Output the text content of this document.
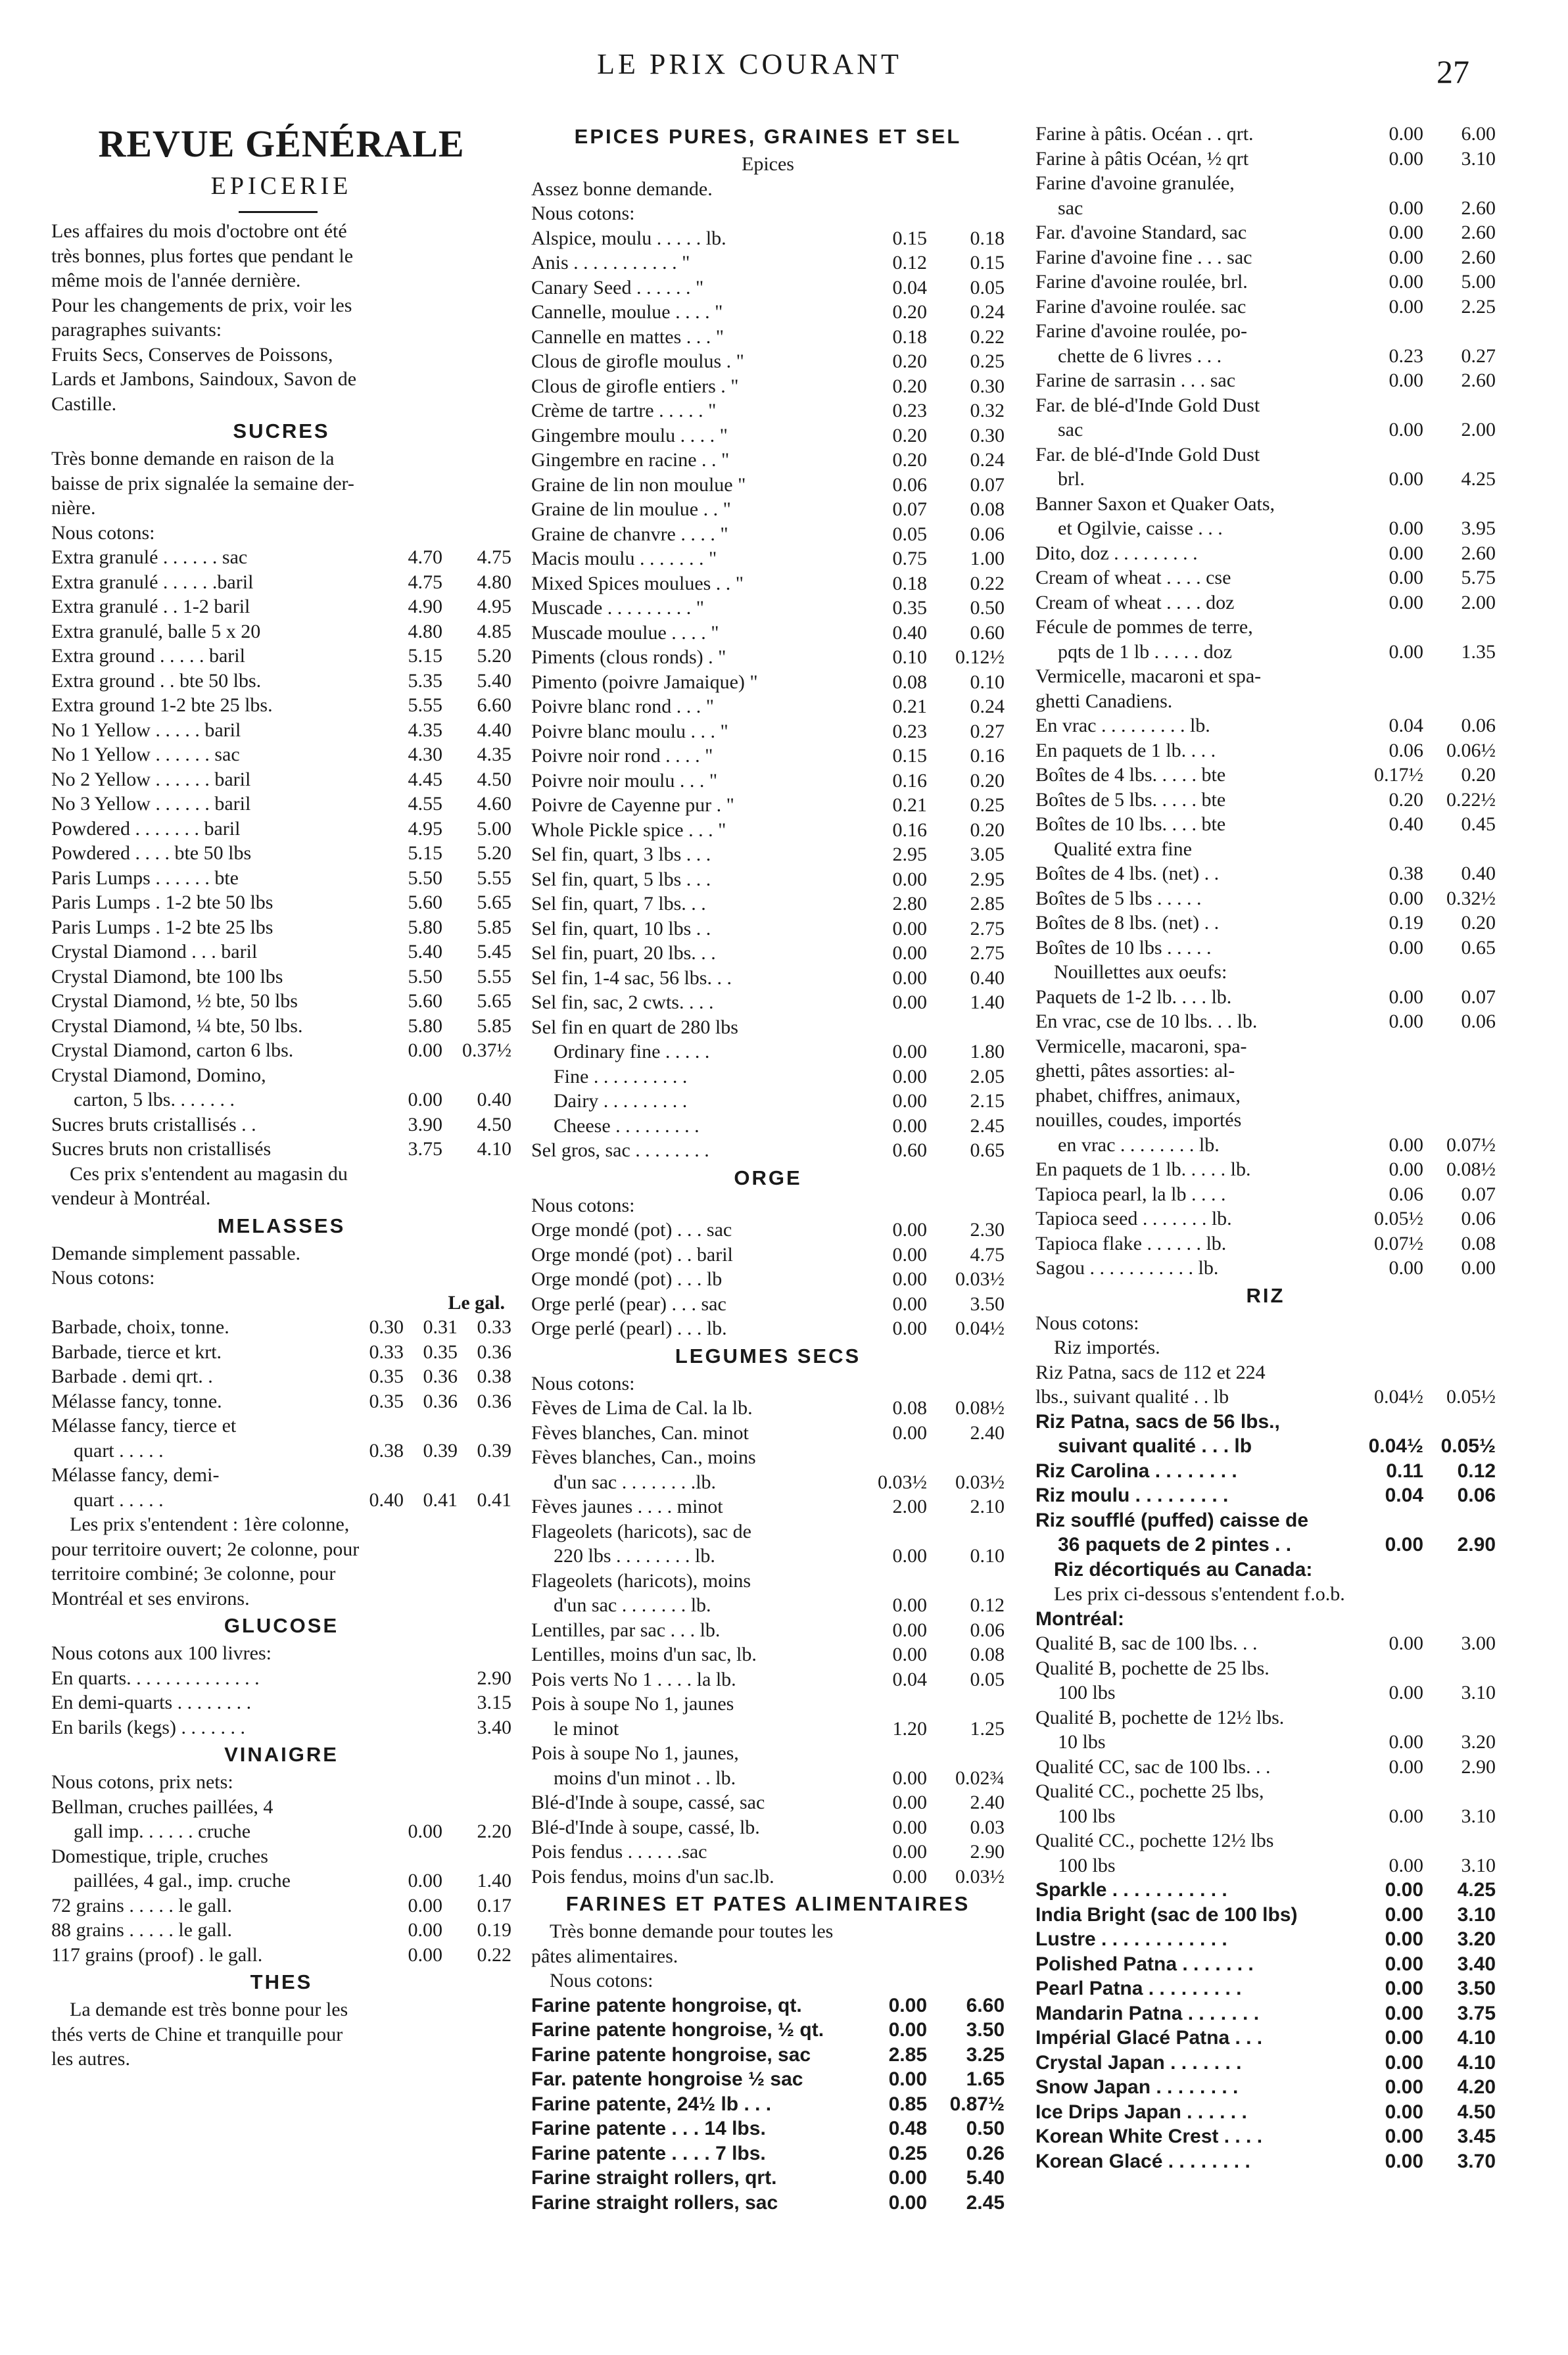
LE PRIX COURANT	27
REVUE GÉNÉRALE
EPICERIE
Les affaires du mois d'octobre ont été
très bonnes, plus fortes que pendant le
même mois de l'année dernière.
Pour les changements de prix, voir les
paragraphes suivants:
Fruits Secs, Conserves de Poissons,
Lards et Jambons, Saindoux, Savon de
Castille.
SUCRES
Très bonne demande en raison de la
baisse de prix signalée la semaine der-
nière.
Nous cotons:
Extra granulé . . . . . . sac	4.70	4.75
Extra granulé . . . . . .baril	4.75	4.80
Extra granulé . . 1-2 baril	4.90	4.95
Extra granulé, balle 5 x 20	4.80	4.85
Extra ground . . . . . baril	5.15	5.20
Extra ground . . bte 50 lbs.	5.35	5.40
Extra ground 1-2 bte 25 lbs.	5.55	6.60
No 1 Yellow . . . . . baril	4.35	4.40
No 1 Yellow . . . . . . sac	4.30	4.35
No 2 Yellow . . . . . . baril	4.45	4.50
No 3 Yellow . . . . . . baril	4.55	4.60
Powdered . . . . . . . baril	4.95	5.00
Powdered . . . . bte 50 lbs	5.15	5.20
Paris Lumps . . . . . . bte	5.50	5.55
Paris Lumps . 1-2 bte 50 lbs	5.60	5.65
Paris Lumps . 1-2 bte 25 lbs	5.80	5.85
Crystal Diamond . . . baril	5.40	5.45
Crystal Diamond, bte 100 lbs	5.50	5.55
Crystal Diamond, ½ bte, 50 lbs	5.60	5.65
Crystal Diamond, ¼ bte, 50 lbs.	5.80	5.85
Crystal Diamond, carton 6 lbs.	0.00	0.37½
Crystal Diamond, Domino,
carton, 5 lbs. . . . . . .	0.00	0.40
Sucres bruts cristallisés . .	3.90	4.50
Sucres bruts non cristallisés	3.75	4.10
Ces prix s'entendent au magasin du
vendeur à Montréal.
MELASSES
Demande simplement passable.
Nous cotons:
Le gal.
Barbade, choix, tonne.	0.30 0.31 0.33
Barbade, tierce et krt.	0.33 0.35 0.36
Barbade . demi qrt. .	0.35 0.36 0.38
Mélasse fancy, tonne.	0.35 0.36 0.36
Mélasse fancy, tierce et
quart . . . . .	0.38 0.39 0.39
Mélasse fancy, demi-
quart . . . . .	0.40 0.41 0.41
Les prix s'entendent : 1ère colonne,
pour territoire ouvert; 2e colonne, pour
territoire combiné; 3e colonne, pour
Montréal et ses environs.
GLUCOSE
Nous cotons aux 100 livres:
En quarts. . . . . . . . . . . . . .	2.90
En demi-quarts . . . . . . . .	3.15
En barils (kegs) . . . . . . .	3.40
VINAIGRE
Nous cotons, prix nets:
Bellman, cruches paillées, 4
gall imp. . . . . . cruche	0.00	2.20
Domestique, triple, cruches
paillées, 4 gal., imp. cruche	0.00	1.40
72 grains . . . . . le gall.	0.00	0.17
88 grains . . . . . le gall.	0.00	0.19
117 grains (proof) . le gall.	0.00	0.22
THES
La demande est très bonne pour les
thés verts de Chine et tranquille pour
les autres.
EPICES PURES, GRAINES ET SEL
Epices
Assez bonne demande.
Nous cotons:
Alspice, moulu . . . . . lb.	0.15	0.18
Anis . . . . . . . . . . . "	0.12	0.15
Canary Seed . . . . . . "	0.04	0.05
Cannelle, moulue . . . . "	0.20	0.24
Cannelle en mattes . . . "	0.18	0.22
Clous de girofle moulus . "	0.20	0.25
Clous de girofle entiers . "	0.20	0.30
Crème de tartre . . . . . "	0.23	0.32
Gingembre moulu . . . . "	0.20	0.30
Gingembre en racine . . "	0.20	0.24
Graine de lin non moulue "	0.06	0.07
Graine de lin moulue . . "	0.07	0.08
Graine de chanvre . . . . "	0.05	0.06
Macis moulu . . . . . . . "	0.75	1.00
Mixed Spices moulues . . "	0.18	0.22
Muscade . . . . . . . . . "	0.35	0.50
Muscade moulue . . . . "	0.40	0.60
Piments (clous ronds) . "	0.10	0.12½
Pimento (poivre Jamaique) "	0.08	0.10
Poivre blanc rond . . . "	0.21	0.24
Poivre blanc moulu . . . "	0.23	0.27
Poivre noir rond . . . . "	0.15	0.16
Poivre noir moulu . . . "	0.16	0.20
Poivre de Cayenne pur . "	0.21	0.25
Whole Pickle spice . . . "	0.16	0.20
Sel fin, quart, 3 lbs . . .	2.95	3.05
Sel fin, quart, 5 lbs . . .	0.00	2.95
Sel fin, quart, 7 lbs. . .	2.80	2.85
Sel fin, quart, 10 lbs . .	0.00	2.75
Sel fin, puart, 20 lbs. . .	0.00	2.75
Sel fin, 1-4 sac, 56 lbs. . .	0.00	0.40
Sel fin, sac, 2 cwts. . . .	0.00	1.40
Sel fin en quart de 280 lbs
Ordinary fine . . . . .	0.00	1.80
Fine . . . . . . . . . .	0.00	2.05
Dairy . . . . . . . . .	0.00	2.15
Cheese . . . . . . . . .	0.00	2.45
Sel gros, sac . . . . . . . .	0.60	0.65
ORGE
Nous cotons:
Orge mondé (pot) . . . sac	0.00	2.30
Orge mondé (pot) . . baril	0.00	4.75
Orge mondé (pot) . . . lb	0.00	0.03½
Orge perlé (pear) . . . sac	0.00	3.50
Orge perlé (pearl) . . . lb.	0.00	0.04½
LEGUMES SECS
Nous cotons:
Fèves de Lima de Cal. la lb.	0.08	0.08½
Fèves blanches, Can. minot	0.00	2.40
Fèves blanches, Can., moins
d'un sac . . . . . . . .lb.	0.03½	0.03½
Fèves jaunes . . . . minot	2.00	2.10
Flageolets (haricots), sac de
220 lbs . . . . . . . . lb.	0.00	0.10
Flageolets (haricots), moins
d'un sac . . . . . . . lb.	0.00	0.12
Lentilles, par sac . . . lb.	0.00	0.06
Lentilles, moins d'un sac, lb.	0.00	0.08
Pois verts No 1 . . . . la lb.	0.04	0.05
Pois à soupe No 1, jaunes
le minot	1.20	1.25
Pois à soupe No 1, jaunes,
moins d'un minot . . lb.	0.00	0.02¾
Blé-d'Inde à soupe, cassé, sac	0.00	2.40
Blé-d'Inde à soupe, cassé, lb.	0.00	0.03
Pois fendus . . . . . .sac	0.00	2.90
Pois fendus, moins d'un sac.lb.	0.00	0.03½
FARINES ET PATES ALIMENTAIRES
Très bonne demande pour toutes les
pâtes alimentaires.
Nous cotons:
Farine patente hongroise, qt.	0.00	6.60
Farine patente hongroise, ½ qt.	0.00	3.50
Farine patente hongroise, sac	2.85	3.25
Far. patente hongroise ½ sac	0.00	1.65
Farine patente, 24½ lb . . .	0.85	0.87½
Farine patente . . . 14 lbs.	0.48	0.50
Farine patente . . . . 7 lbs.	0.25	0.26
Farine straight rollers, qrt.	0.00	5.40
Farine straight rollers, sac	0.00	2.45
Farine à pâtis. Océan . . qrt.	0.00	6.00
Farine à pâtis Océan, ½ qrt	0.00	3.10
Farine d'avoine granulée,
sac	0.00	2.60
Far. d'avoine Standard, sac	0.00	2.60
Farine d'avoine fine . . . sac	0.00	2.60
Farine d'avoine roulée, brl.	0.00	5.00
Farine d'avoine roulée. sac	0.00	2.25
Farine d'avoine roulée, po-
chette de 6 livres . . .	0.23	0.27
Farine de sarrasin . . . sac	0.00	2.60
Far. de blé-d'Inde Gold Dust
sac	0.00	2.00
Far. de blé-d'Inde Gold Dust
brl.	0.00	4.25
Banner Saxon et Quaker Oats,
et Ogilvie, caisse . . .	0.00	3.95
Dito, doz . . . . . . . . .	0.00	2.60
Cream of wheat . . . . cse	0.00	5.75
Cream of wheat . . . . doz	0.00	2.00
Fécule de pommes de terre,
pqts de 1 lb . . . . . doz	0.00	1.35
Vermicelle, macaroni et spa-
ghetti Canadiens.
En vrac . . . . . . . . . lb.	0.04	0.06
En paquets de 1 lb. . . .	0.06	0.06½
Boîtes de 4 lbs. . . . . bte	0.17½	0.20
Boîtes de 5 lbs. . . . . bte	0.20	0.22½
Boîtes de 10 lbs. . . . bte	0.40	0.45
Qualité extra fine
Boîtes de 4 lbs. (net) . .	0.38	0.40
Boîtes de 5 lbs . . . . .	0.00	0.32½
Boîtes de 8 lbs. (net) . .	0.19	0.20
Boîtes de 10 lbs . . . . .	0.00	0.65
Nouillettes aux oeufs:
Paquets de 1-2 lb. . . . lb.	0.00	0.07
En vrac, cse de 10 lbs. . . lb.	0.00	0.06
Vermicelle, macaroni, spa-
ghetti, pâtes assorties: al-
phabet, chiffres, animaux,
nouilles, coudes, importés
en vrac . . . . . . . . lb.	0.00	0.07½
En paquets de 1 lb. . . . . lb.	0.00	0.08½
Tapioca pearl, la lb . . . .	0.06	0.07
Tapioca seed . . . . . . . lb.	0.05½	0.06
Tapioca flake . . . . . . lb.	0.07½	0.08
Sagou . . . . . . . . . . . lb.	0.00	0.00
RIZ
Nous cotons:
Riz importés.
Riz Patna, sacs de 112 et 224
lbs., suivant qualité . . lb	0.04½	0.05½
Riz Patna, sacs de 56 lbs.,
suivant qualité . . . lb	0.04½ 0.05½
Riz Carolina . . . . . . . .	0.11	0.12
Riz moulu . . . . . . . . .	0.04	0.06
Riz soufflé (puffed) caisse de
36 paquets de 2 pintes . .	0.00	2.90
Riz décortiqués au Canada:
Les prix ci-dessous s'entendent f.o.b.
Montréal:
Qualité B, sac de 100 lbs. . .	0.00	3.00
Qualité B, pochette de 25 lbs.
100 lbs	0.00	3.10
Qualité B, pochette de 12½ lbs.
10 lbs	0.00	3.20
Qualité CC, sac de 100 lbs. . .	0.00	2.90
Qualité CC., pochette 25 lbs,
100 lbs	0.00	3.10
Qualité CC., pochette 12½ lbs
100 lbs	0.00	3.10
Sparkle . . . . . . . . . . .	0.00	4.25
India Bright (sac de 100 lbs)	0.00	3.10
Lustre . . . . . . . . . . . .	0.00	3.20
Polished Patna . . . . . . .	0.00	3.40
Pearl Patna . . . . . . . . .	0.00	3.50
Mandarin Patna . . . . . . .	0.00	3.75
Impérial Glacé Patna . . .	0.00	4.10
Crystal Japan . . . . . . .	0.00	4.10
Snow Japan . . . . . . . .	0.00	4.20
Ice Drips Japan . . . . . .	0.00	4.50
Korean White Crest . . . .	0.00	3.45
Korean Glacé . . . . . . . .	0.00	3.70
